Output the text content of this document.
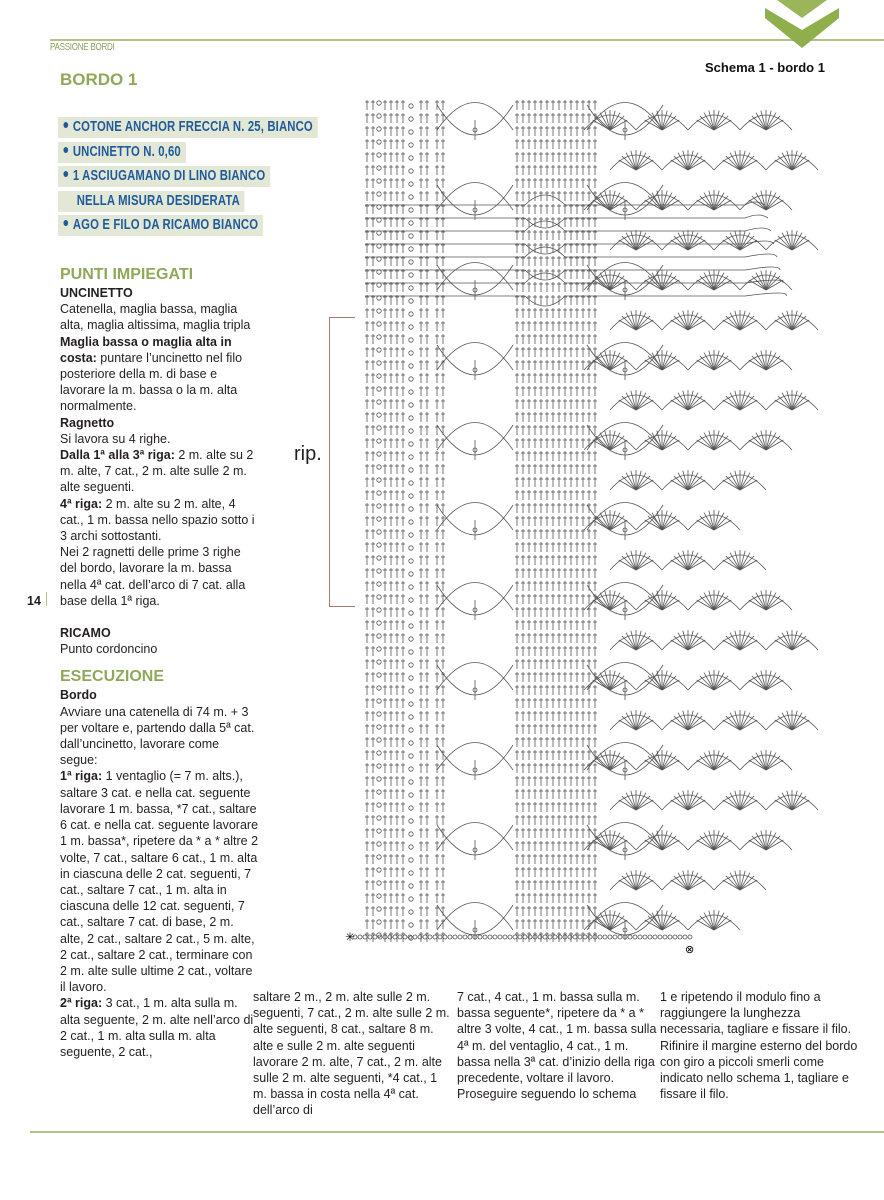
PASSIONE BORDI
Schema 1 - bordo 1
BORDO 1
COTONE ANCHOR FRECCIA N. 25, BIANCO
UNCINETTO N. 0,60
1 ASCIUGAMANO DI LINO BIANCO
NELLA MISURA DESIDERATA
AGO E FILO DA RICAMO BIANCO
PUNTI IMPIEGATI
UNCINETTO

Catenella, maglia bassa, maglia alta, maglia altissima, maglia tripla

Maglia bassa o maglia alta in costa: puntare l’uncinetto nel filo posteriore della m. di base e lavorare la m. bassa o la m. alta normalmente.

Ragnetto

Si lavora su 4 righe.

Dalla 1ª alla 3ª riga: 2 m. alte su 2 m. alte, 7 cat., 2 m. alte sulle 2 m. alte seguenti.

4ª riga: 2 m. alte su 2 m. alte, 4 cat., 1 m. bassa nello spazio sotto i 3 archi sottostanti.

Nei 2 ragnetti delle prime 3 righe del bordo, lavorare la m. bassa nella 4ª cat. dell’arco di 7 cat. alla base della 1ª riga.

RICAMO

Punto cordoncino

ESECUZIONE
Bordo

Avviare una catenella di 74 m. + 3 per voltare e, partendo dalla 5ª cat. dall’uncinetto, lavorare come segue:

1ª riga: 1 ventaglio (= 7 m. alts.), saltare 3 cat. e nella cat. seguente lavorare 1 m. bassa, *7 cat., saltare 6 cat. e nella cat. seguente lavorare 1 m. bassa*, ripetere da * a * altre 2 volte, 7 cat., saltare 6 cat., 1 m. alta in ciascuna delle 2 cat. seguenti, 7 cat., saltare 7 cat., 1 m. alta in ciascuna delle 12 cat. seguenti, 7 cat., saltare 7 cat. di base, 2 m. alte, 2 cat., saltare 2 cat., 5 m. alte, 2 cat., saltare 2 cat., terminare con 2 m. alte sulle ultime 2 cat., voltare il lavoro.

2ª riga: 3 cat., 1 m. alta sulla m. alta seguente, 2 m. alte nell’arco di 2 cat., 1 m. alta sulla m. alta seguente, 2 cat.,

14

saltare 2 m., 2 m. alte sulle 2 m. seguenti, 7 cat., 2 m. alte sulle 2 m. alte seguenti, 8 cat., saltare 8 m. alte e sulle 2 m. alte seguenti lavorare 2 m. alte, 7 cat., 2 m. alte sulle 2 m. alte seguenti, *4 cat., 1 m. bassa in costa nella 4ª cat. dell’arco di

7 cat., 4 cat., 1 m. bassa sulla m. bassa seguente*, ripetere da * a * altre 3 volte, 4 cat., 1 m. bassa sulla 4ª m. del ventaglio, 4 cat., 1 m. bassa nella 3ª cat. d’inizio della riga precedente, voltare il lavoro.

Proseguire seguendo lo schema

1 e ripetendo il modulo fino a raggiungere la lunghezza necessaria, tagliare e fissare il filo. Rifinire il margine esterno del bordo con giro a piccoli smerli come indicato nello schema 1, tagliare e fissare il filo.

rip.
✳
⊗
